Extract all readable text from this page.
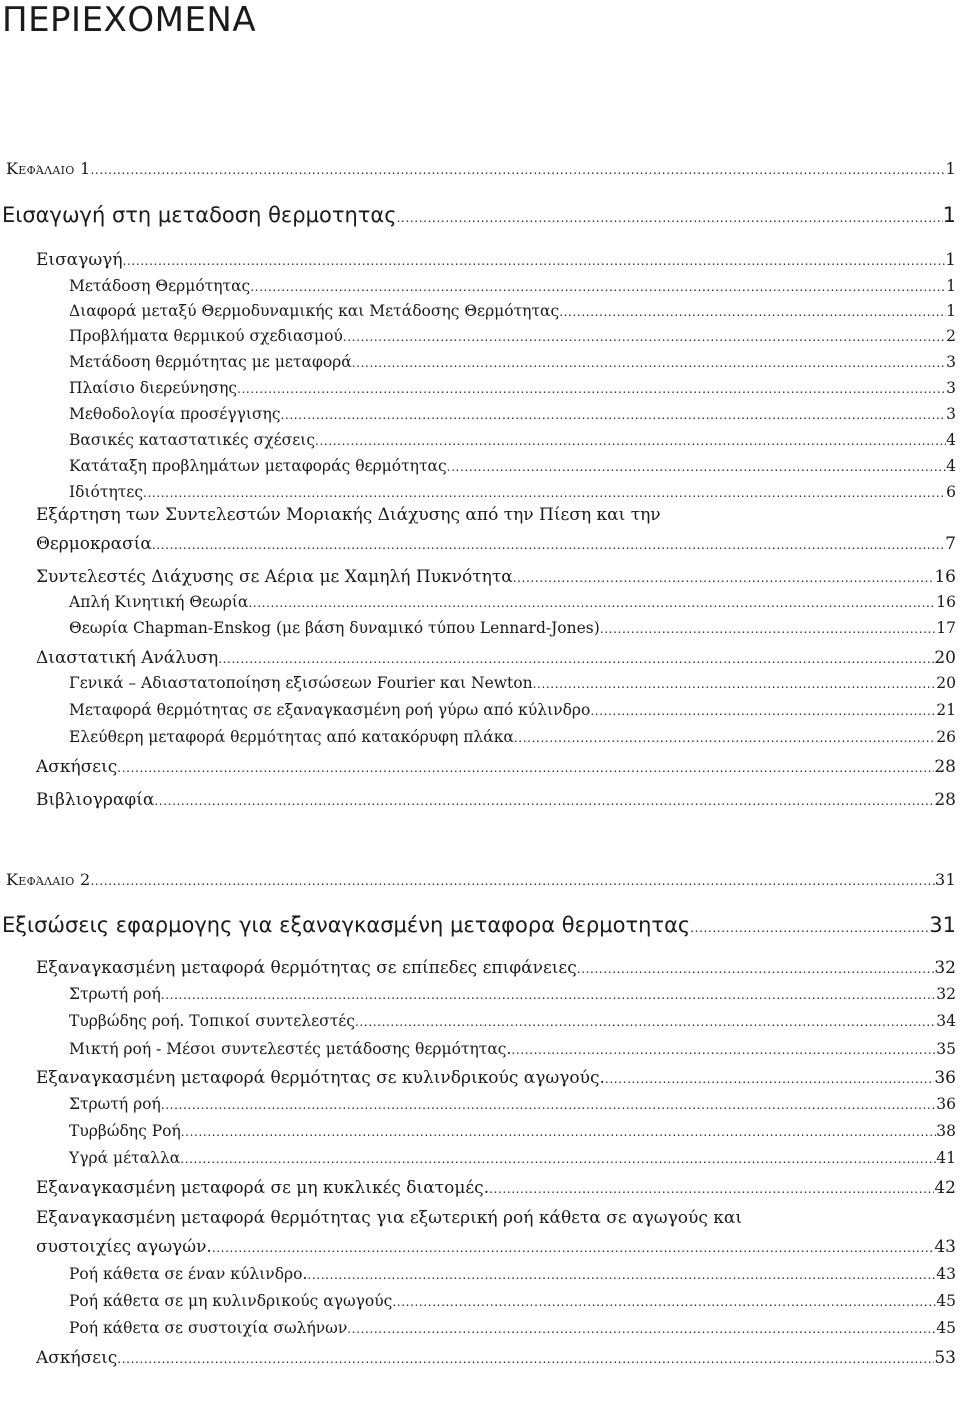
ΠΕΡΙΕΧΟΜΕΝΑ
Κεφάλαιο 1 . . .	1
Εισαγωγή στη μεταδοση θερμοτητας . . .	1
Εισαγωγή . . .	1
Μετάδοση Θερμότητας . . .	1
Διαφορά μεταξύ Θερμοδυναμικής και Μετάδοσης Θερμότητας . . .	1
Προβλήματα θερμικού σχεδιασμού . . .	2
Μετάδοση θερμότητας με μεταφορά . . .	3
Πλαίσιο διερεύνησης . . .	3
Μεθοδολογία προσέγγισης . . .	3
Βασικές καταστατικές σχέσεις . . .	4
Κατάταξη προβλημάτων μεταφοράς θερμότητας . . .	4
Ιδιότητες . . .	6
Εξάρτηση των Συντελεστών Μοριακής Διάχυσης από την Πίεση και την
Θερμοκρασία . . .	7
Συντελεστές Διάχυσης σε Αέρια με Χαμηλή Πυκνότητα . . .	16
Απλή Κινητική Θεωρία . . .	16
Θεωρία Chapman-Enskog (με βάση δυναμικό τύπου Lennard-Jones) . . .	17
Διαστατική Ανάλυση . . .	20
Γενικά – Αδιαστατοποίηση εξισώσεων Fourier και Newton . . .	20
Μεταφορά θερμότητας σε εξαναγκασμένη ροή γύρω από κύλινδρο . . .	21
Ελεύθερη μεταφορά θερμότητας από κατακόρυφη πλάκα . . .	26
Ασκήσεις . . .	28
Βιβλιογραφία . . .	28
Κεφάλαιο 2 . . .	31
Εξισώσεις εφαρμογης για εξαναγκασμένη μεταφορα θερμοτητας . . .	31
Εξαναγκασμένη μεταφορά θερμότητας σε επίπεδες επιφάνειες . . .	32
Στρωτή ροή . . .	32
Τυρβώδης ροή. Τοπικοί συντελεστές . . .	34
Μικτή ροή - Μέσοι συντελεστές μετάδοσης θερμότητας. . . .	35
Εξαναγκασμένη μεταφορά θερμότητας σε κυλινδρικούς αγωγούς. . . .	36
Στρωτή ροή . . .	36
Τυρβώδης Ροή . . .	38
Υγρά μέταλλα . . .	41
Εξαναγκασμένη μεταφορά σε μη κυκλικές διατομές. . . .	42
Εξαναγκασμένη μεταφορά θερμότητας για εξωτερική ροή κάθετα σε αγωγούς και
συστοιχίες αγωγών. . . .	43
Ροή κάθετα σε έναν κύλινδρο. . . .	43
Ροή κάθετα σε μη κυλινδρικούς αγωγούς . . .	45
Ροή κάθετα σε συστοιχία σωλήνων . . .	45
Ασκήσεις . . .	53
